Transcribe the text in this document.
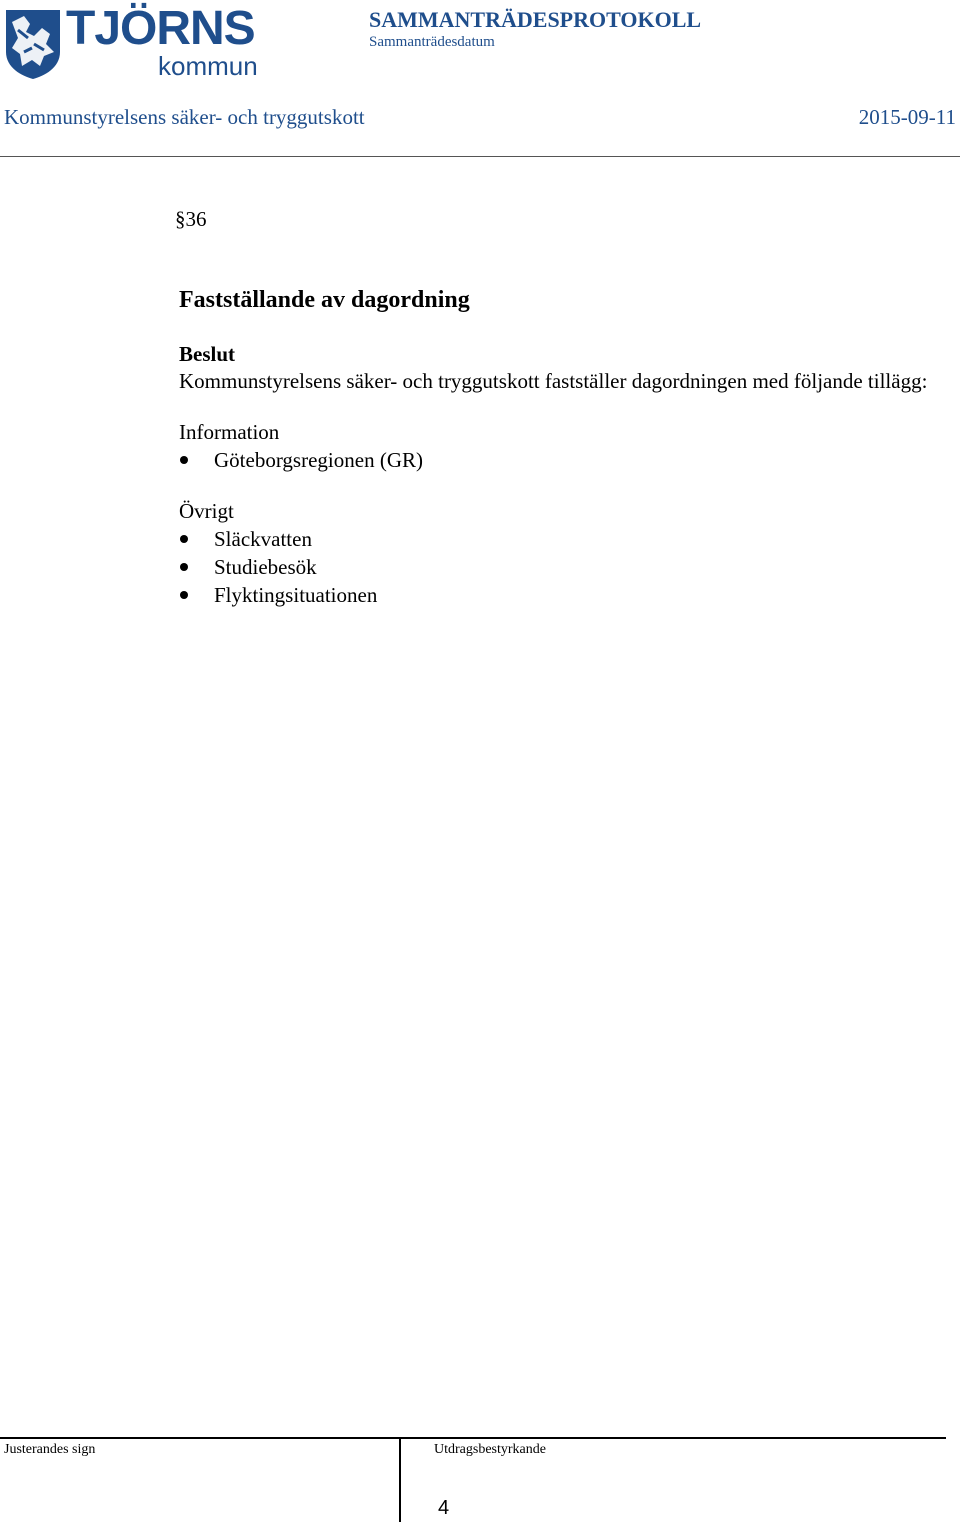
TJÖRNS
kommun
SAMMANTRÄDESPROTOKOLL
Sammanträdesdatum
Kommunstyrelsens säker- och tryggutskott	2015-09-11
§36
Fastställande av dagordning

Beslut

Kommunstyrelsens säker- och tryggutskott fastställer dagordningen med följande tillägg:

Information

Göteborgsregionen (GR)

Övrigt

Släckvatten
Studiebesök
Flyktingsituationen
Justerandes sign	Utdragsbestyrkande
4
